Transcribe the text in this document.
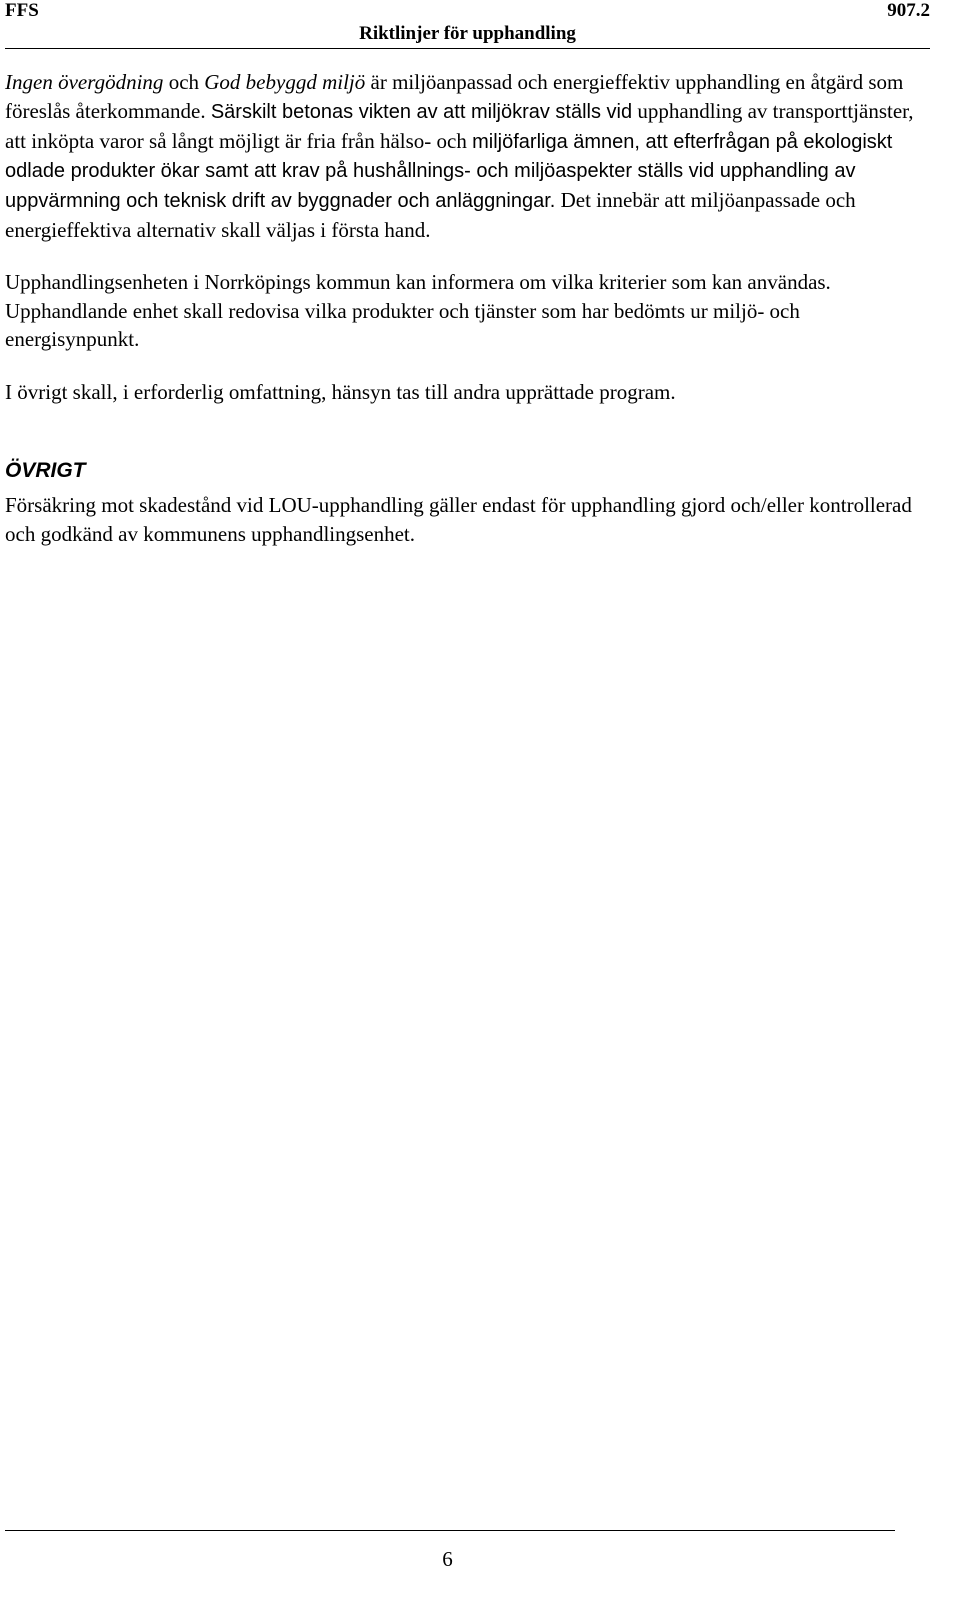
FFS	907.2
Riktlinjer för upphandling

Ingen övergödning och God bebyggd miljö är miljöanpassad och energieffektiv upphandling en åtgärd som föreslås återkommande. Särskilt betonas vikten av att miljökrav ställs vid upphandling av transporttjänster, att inköpta varor så långt möjligt är fria från hälso- och miljöfarliga ämnen, att efterfrågan på ekologiskt odlade produkter ökar samt att krav på hushållnings- och miljöaspekter ställs vid upphandling av uppvärmning och teknisk drift av byggnader och anläggningar. Det innebär att miljöanpassade och energieffektiva alternativ skall väljas i första hand.

Upphandlingsenheten i Norrköpings kommun kan informera om vilka kriterier som kan användas. Upphandlande enhet skall redovisa vilka produkter och tjänster som har bedömts ur miljö- och energisynpunkt.

I övrigt skall, i erforderlig omfattning, hänsyn tas till andra upprättade program.

ÖVRIGT

Försäkring mot skadestånd vid LOU-upphandling gäller endast för upphandling gjord och/eller kontrollerad och godkänd av kommunens upphandlingsenhet.

6
